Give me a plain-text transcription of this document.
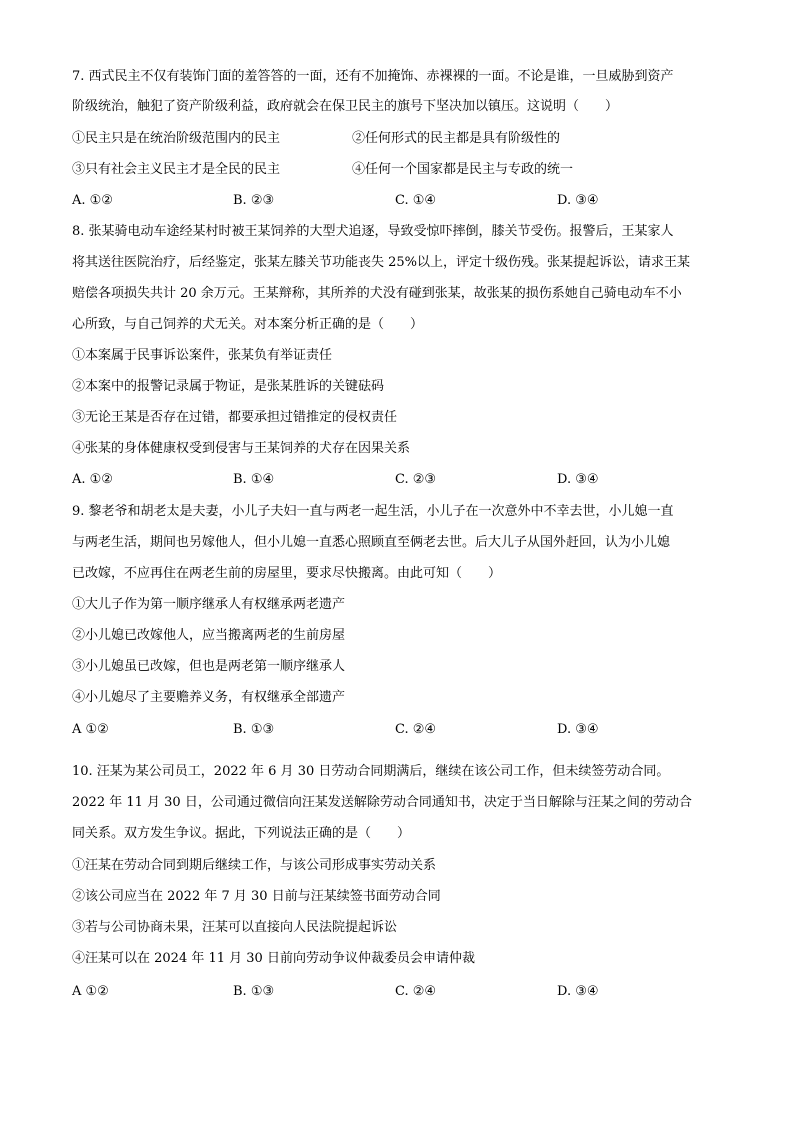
7. 西式民主不仅有装饰门面的羞答答的一面，还有不加掩饰、赤裸裸的一面。不论是谁，一旦威胁到资产
阶级统治，触犯了资产阶级利益，政府就会在保卫民主的旗号下坚决加以镇压。这说明（　　）
①民主只是在统治阶级范围内的民主	②任何形式的民主都是具有阶级性的
③只有社会主义民主才是全民的民主	④任何一个国家都是民主与专政的统一
A. ①②	B. ②③	C. ①④	D. ③④
8. 张某骑电动车途经某村时被王某饲养的大型犬追逐，导致受惊吓摔倒，膝关节受伤。报警后，王某家人
将其送往医院治疗，后经鉴定，张某左膝关节功能丧失 25%以上，评定十级伤残。张某提起诉讼，请求王某
赔偿各项损失共计 20 余万元。王某辩称，其所养的犬没有碰到张某，故张某的损伤系她自己骑电动车不小
心所致，与自己饲养的犬无关。对本案分析正确的是（　　）
①本案属于民事诉讼案件，张某负有举证责任
②本案中的报警记录属于物证，是张某胜诉的关键砝码
③无论王某是否存在过错，都要承担过错推定的侵权责任
④张某的身体健康权受到侵害与王某饲养的犬存在因果关系
A. ①②	B. ①④	C. ②③	D. ③④
9. 黎老爷和胡老太是夫妻，小儿子夫妇一直与两老一起生活，小儿子在一次意外中不幸去世，小儿媳一直
与两老生活，期间也另嫁他人，但小儿媳一直悉心照顾直至俩老去世。后大儿子从国外赶回，认为小儿媳
已改嫁，不应再住在两老生前的房屋里，要求尽快搬离。由此可知（　　）
①大儿子作为第一顺序继承人有权继承两老遗产
②小儿媳已改嫁他人，应当搬离两老的生前房屋
③小儿媳虽已改嫁，但也是两老第一顺序继承人
④小儿媳尽了主要赡养义务，有权继承全部遗产
A ①②	B. ①③	C. ②④	D. ③④
10. 汪某为某公司员工，2022 年 6 月 30 日劳动合同期满后，继续在该公司工作，但未续签劳动合同。
2022 年 11 月 30 日，公司通过微信向汪某发送解除劳动合同通知书，决定于当日解除与汪某之间的劳动合
同关系。双方发生争议。据此，下列说法正确的是（　　）
①汪某在劳动合同到期后继续工作，与该公司形成事实劳动关系
②该公司应当在 2022 年 7 月 30 日前与汪某续签书面劳动合同
③若与公司协商未果，汪某可以直接向人民法院提起诉讼
④汪某可以在 2024 年 11 月 30 日前向劳动争议仲裁委员会申请仲裁
A ①②	B. ①③	C. ②④	D. ③④
